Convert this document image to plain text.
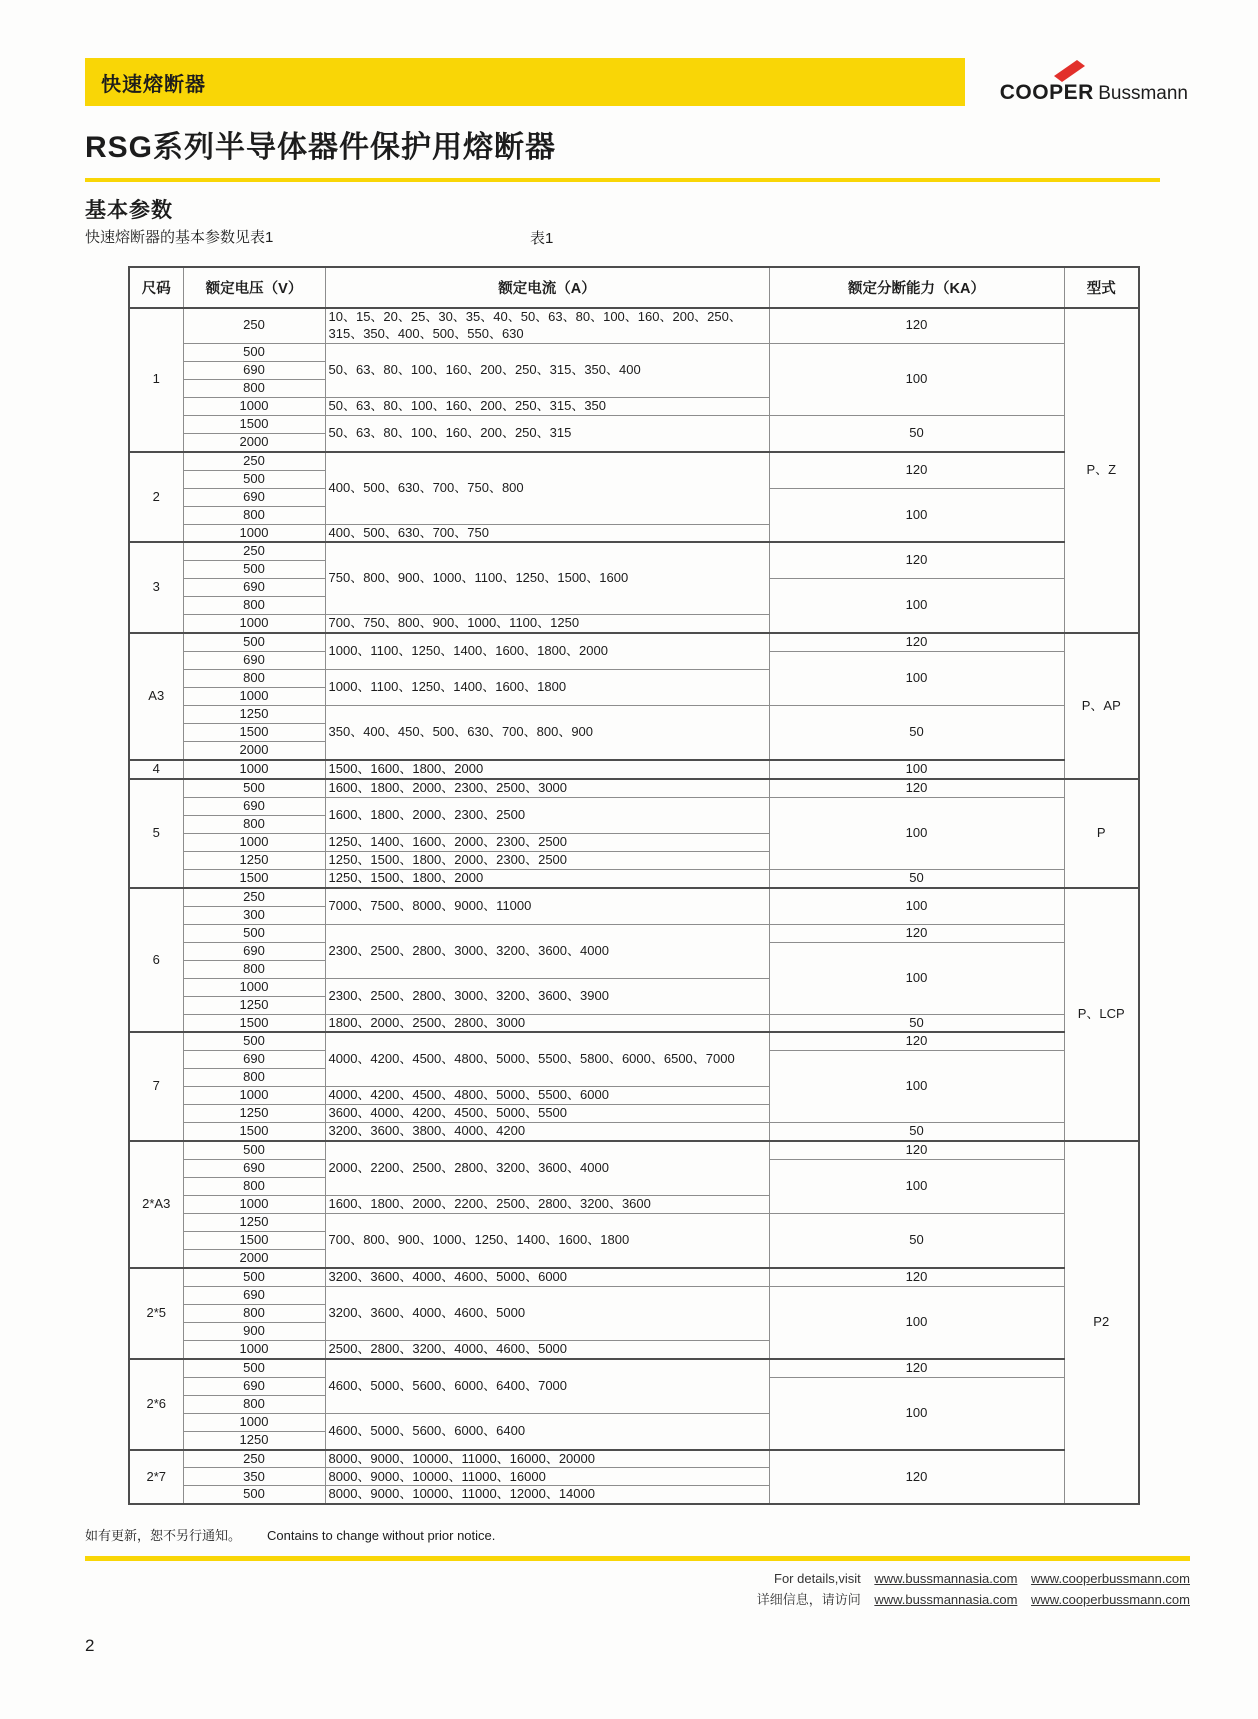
快速熔断器	COOPER Bussmann
RSG系列半导体器件保护用熔断器
基本参数
快速熔断器的基本参数见表1	表1
尺码	额定电压（V）	额定电流（A）	额定分断能力（KA）	型式
1	250	10、15、20、25、30、35、40、50、63、80、100、160、200、250、315、350、400、500、550、630	120	P、Z
	500	50、63、80、100、160、200、250、315、350、400	100	
	690			
	800			
	1000	50、63、80、100、160、200、250、315、350		
	1500	50、63、80、100、160、200、250、315	50	
	2000			
2	250	400、500、630、700、750、800	120	
	500			
	690		100	
	800			
	1000	400、500、630、700、750		
3	250	750、800、900、1000、1100、1250、1500、1600	120	
	500			
	690		100	
	800			
	1000	700、750、800、900、1000、1100、1250		
A3	500	1000、1100、1250、1400、1600、1800、2000	120	P、AP
	690		100	
	800	1000、1100、1250、1400、1600、1800		
	1000			
	1250	350、400、450、500、630、700、800、900	50	
	1500			
	2000			
4	1000	1500、1600、1800、2000	100	
5	500	1600、1800、2000、2300、2500、3000	120	P
	690	1600、1800、2000、2300、2500	100	
	800			
	1000	1250、1400、1600、2000、2300、2500		
	1250	1250、1500、1800、2000、2300、2500		
	1500	1250、1500、1800、2000	50	
6	250	7000、7500、8000、9000、11000	100	P、LCP
	300			
	500	2300、2500、2800、3000、3200、3600、4000	120	
	690		100	
	800			
	1000	2300、2500、2800、3000、3200、3600、3900		
	1250			
	1500	1800、2000、2500、2800、3000	50	
7	500	4000、4200、4500、4800、5000、5500、5800、6000、6500、7000	120	
	690		100	
	800			
	1000	4000、4200、4500、4800、5000、5500、6000		
	1250	3600、4000、4200、4500、5000、5500		
	1500	3200、3600、3800、4000、4200	50	
2*A3	500	2000、2200、2500、2800、3200、3600、4000	120	P2
	690		100	
	800			
	1000	1600、1800、2000、2200、2500、2800、3200、3600		
	1250	700、800、900、1000、1250、1400、1600、1800	50	
	1500			
	2000			
2*5	500	3200、3600、4000、4600、5000、6000	120	
	690	3200、3600、4000、4600、5000	100	
	800			
	900			
	1000	2500、2800、3200、4000、4600、5000		
2*6	500	4600、5000、5600、6000、6400、7000	120	
	690		100	
	800			
	1000	4600、5000、5600、6000、6400		
	1250			
2*7	250	8000、9000、10000、11000、16000、20000	120	
	350	8000、9000、10000、11000、16000		
	500	8000、9000、10000、11000、12000、14000		
如有更新，恕不另行通知。 Contains to change without prior notice.
For details,visit www.bussmannasia.com www.cooperbussmann.com
详细信息，请访问 www.bussmannasia.com www.cooperbussmann.com
2
